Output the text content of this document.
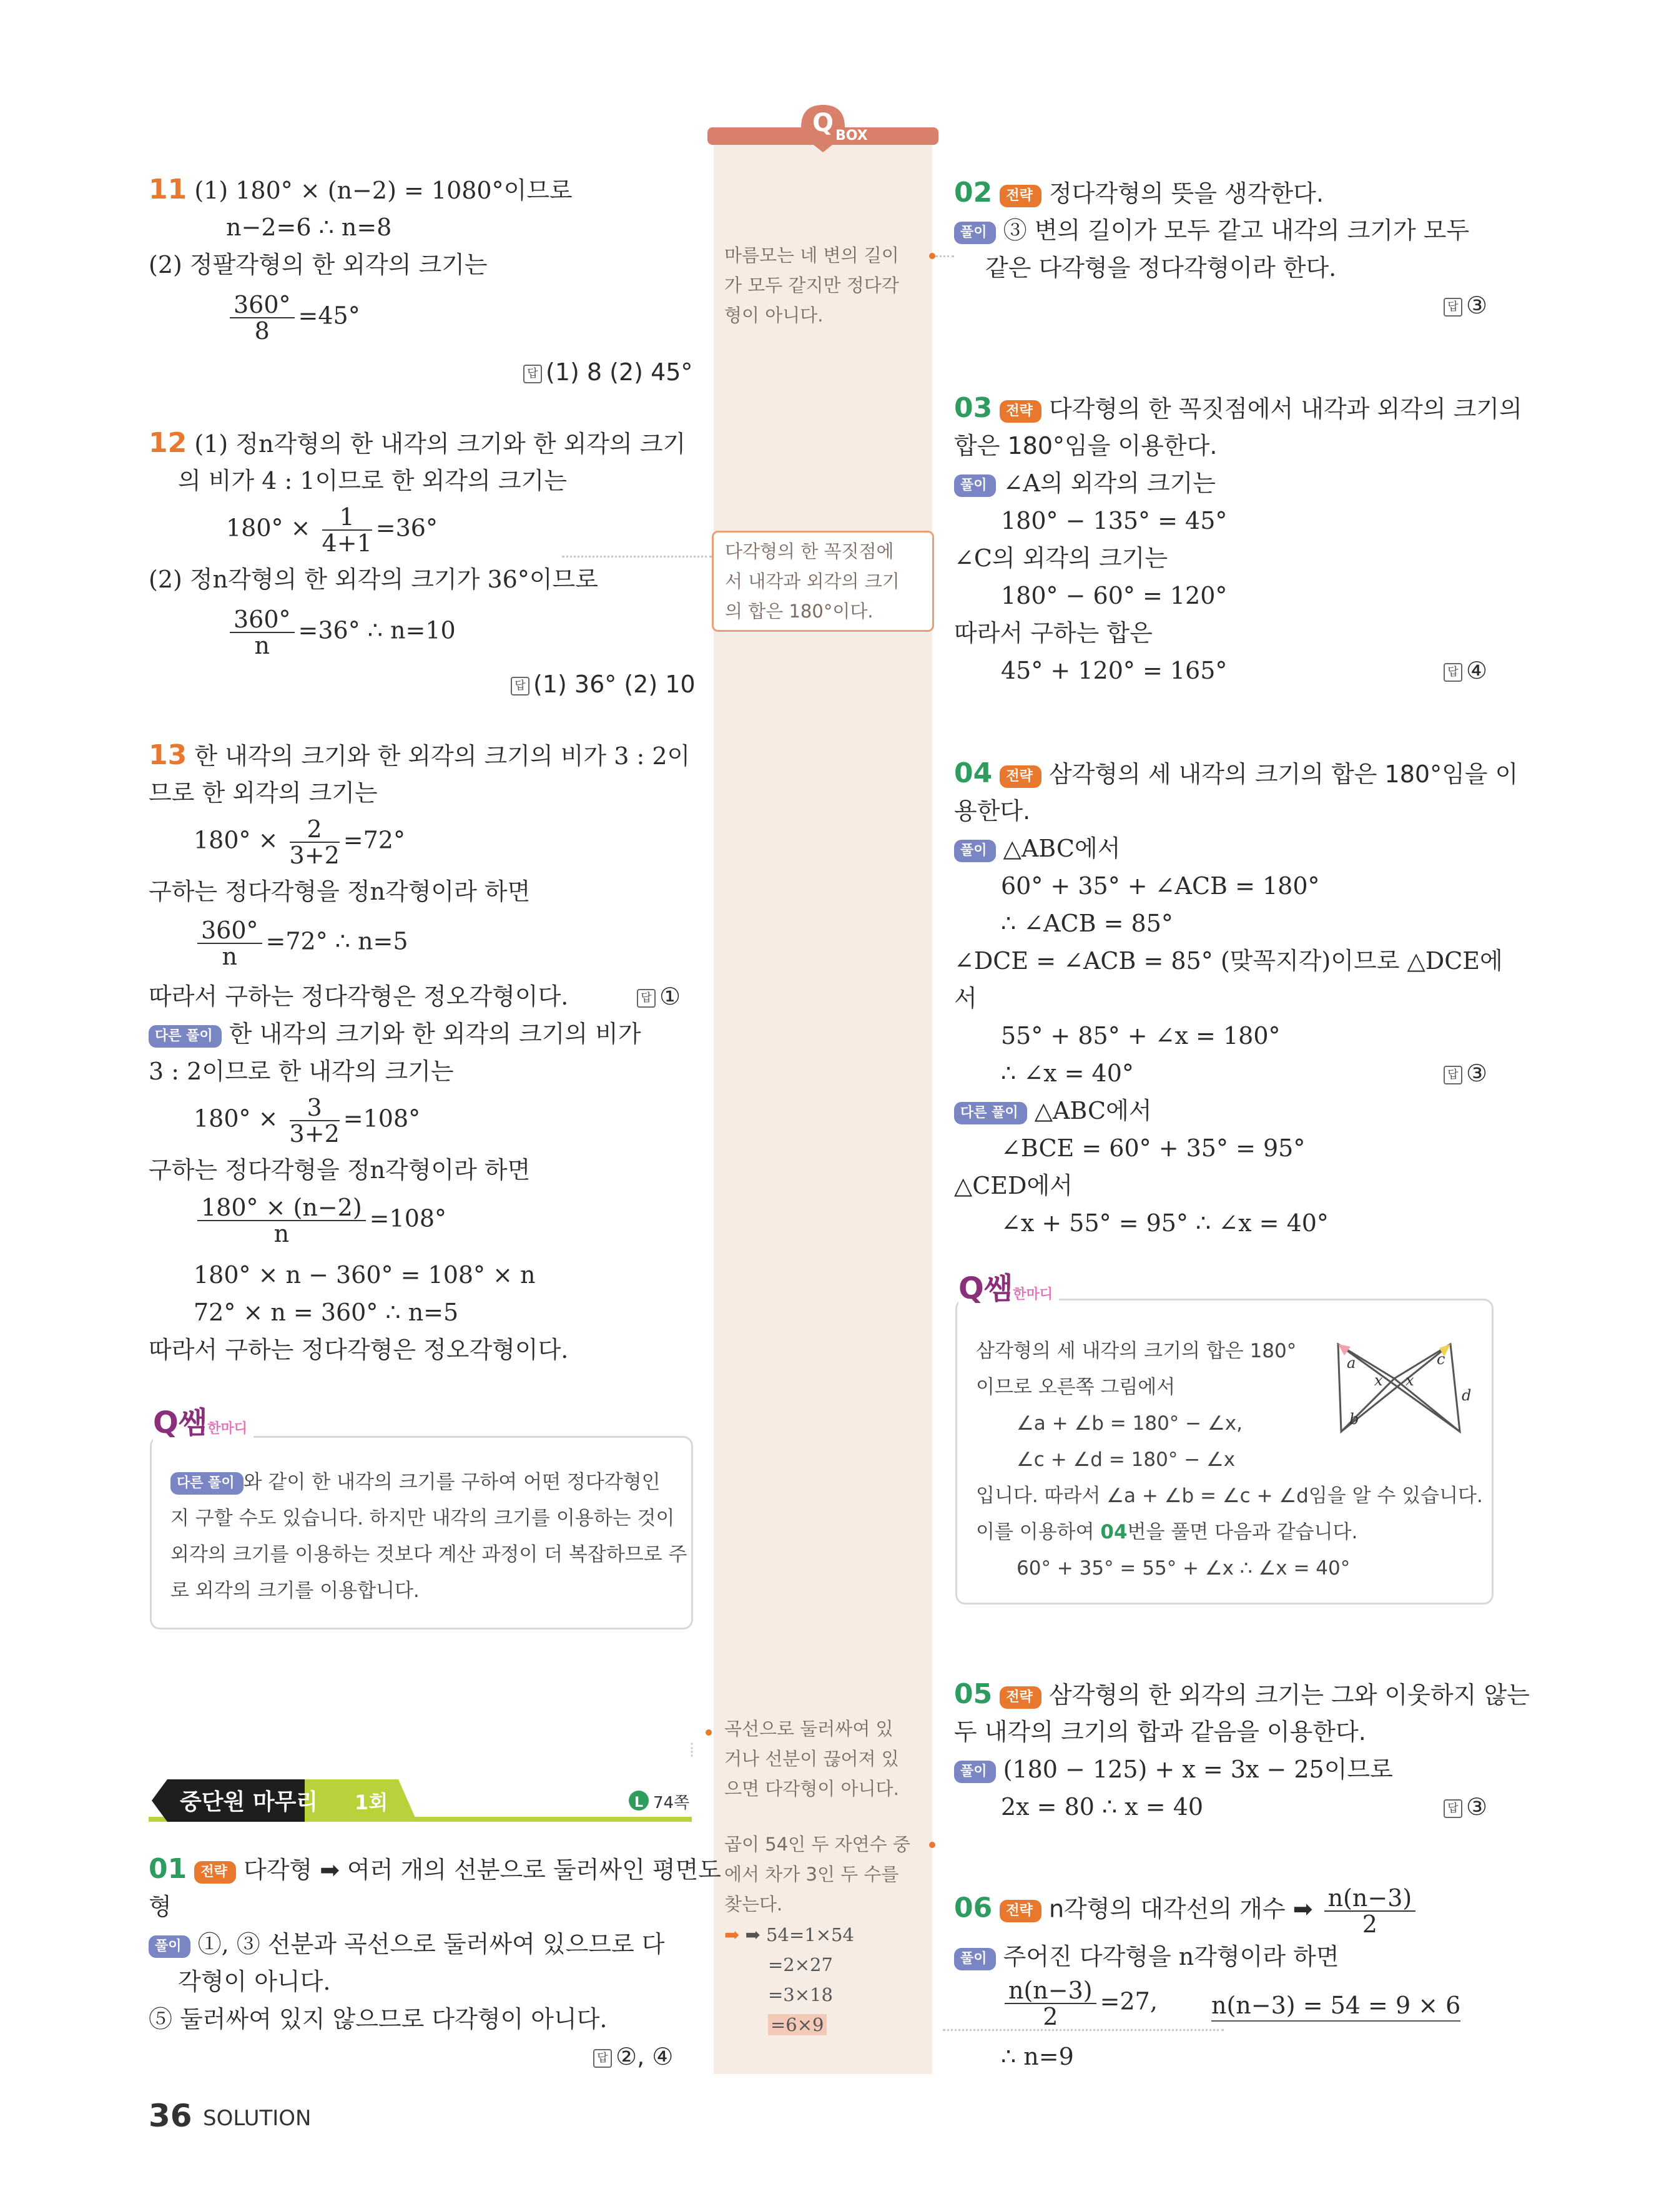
Q BOX
마름모는 네 변의 길이
가 모두 같지만 정다각
형이 아니다.
다각형의 한 꼭짓점에
서 내각과 외각의 크기
의 합은 180°이다.
곡선으로 둘러싸여 있
거나 선분이 끊어져 있
으면 다각형이 아니다.
곱이 54인 두 자연수 중
에서 차가 3인 두 수를
찾는다.
➡ ➡ 54=1×54
=2×27
=3×18
=6×9
11 (1) 180° × (n−2) = 1080°이므로
n−2=6 ∴ n=8
(2) 정팔각형의 한 외각의 크기는
$\frac{360^\circ}{8} =45^\circ$
답 (1) 8 (2) 45°
12 (1) 정n각형의 한 내각의 크기와 한 외각의 크기
의 비가 4 : 1이므로 한 외각의 크기는
$180^\circ \times \frac{1}{4+1} =36^\circ$
(2) 정n각형의 한 외각의 크기가 36°이므로
$\frac{360^\circ}{n} =36^\circ$ ∴ n=10
답 (1) 36° (2) 10
13 한 내각의 크기와 한 외각의 크기의 비가 3 : 2이
므로 한 외각의 크기는
$180^\circ \times \frac{2}{3+2} =72^\circ$
구하는 정다각형을 정n각형이라 하면
$\frac{360^\circ}{n} =72^\circ$ ∴ n=5
따라서 구하는 정다각형은 정오각형이다.	답 ①
다른 풀이 한 내각의 크기와 한 외각의 크기의 비가
3 : 2이므로 한 내각의 크기는
$180^\circ \times \frac{3}{3+2} =108^\circ$
구하는 정다각형을 정n각형이라 하면
$\frac{180^\circ \times (n-2)}{n} =108^\circ$
180° × n − 360° = 108° × n
72° × n = 360° ∴ n=5
따라서 구하는 정다각형은 정오각형이다.
다른 풀이 와 같이 한 내각의 크기를 구하여 어떤 정다각형인
지 구할 수도 있습니다. 하지만 내각의 크기를 이용하는 것이
외각의 크기를 이용하는 것보다 계산 과정이 더 복잡하므로 주
로 외각의 크기를 이용합니다.
Q쌤한마디
중단원 마무리 1회	L 74쪽
01 전략 다각형 ➡ 여러 개의 선분으로 둘러싸인 평면도
형
풀이 ①, ③ 선분과 곡선으로 둘러싸여 있으므로 다
각형이 아니다.
⑤ 둘러싸여 있지 않으므로 다각형이 아니다.
답 ②, ④
02 전략 정다각형의 뜻을 생각한다.
풀이 ③ 변의 길이가 모두 같고 내각의 크기가 모두
같은 다각형을 정다각형이라 한다.
답 ③
03 전략 다각형의 한 꼭짓점에서 내각과 외각의 크기의
합은 180°임을 이용한다.
풀이 ∠A의 외각의 크기는
180° − 135° = 45°
∠C의 외각의 크기는
180° − 60° = 120°
따라서 구하는 합은
45° + 120° = 165°	답 ④
04 전략 삼각형의 세 내각의 크기의 합은 180°임을 이
용한다.
풀이 △ABC에서
60° + 35° + ∠ACB = 180°
∴ ∠ACB = 85°
∠DCE = ∠ACB = 85° (맞꼭지각)이므로 △DCE에
서
55° + 85° + ∠x = 180°
∴ ∠x = 40°	답 ③
다른 풀이 △ABC에서
∠BCE = 60° + 35° = 95°
△CED에서
∠x + 55° = 95° ∴ ∠x = 40°
삼각형의 세 내각의 크기의 합은 180°
이므로 오른쪽 그림에서
∠a + ∠b = 180° − ∠x,
∠c + ∠d = 180° − ∠x
입니다. 따라서 ∠a + ∠b = ∠c + ∠d임을 알 수 있습니다.
이를 이용하여 04번을 풀면 다음과 같습니다.
60° + 35° = 55° + ∠x ∴ ∠x = 40°
a
b
c
d
x x
Q쌤한마디
05 전략 삼각형의 한 외각의 크기는 그와 이웃하지 않는
두 내각의 크기의 합과 같음을 이용한다.
풀이 (180 − 125) + x = 3x − 25이므로
2x = 80 ∴ x = 40	답 ③
06 전략 n각형의 대각선의 개수 ➡ $\frac{n(n-3)}{2}$
풀이 주어진 다각형을 n각형이라 하면
$\frac{n(n-3)}{2} =27$, n(n−3) = 54 = 9 × 6
∴ n=9
36 SOLUTION
